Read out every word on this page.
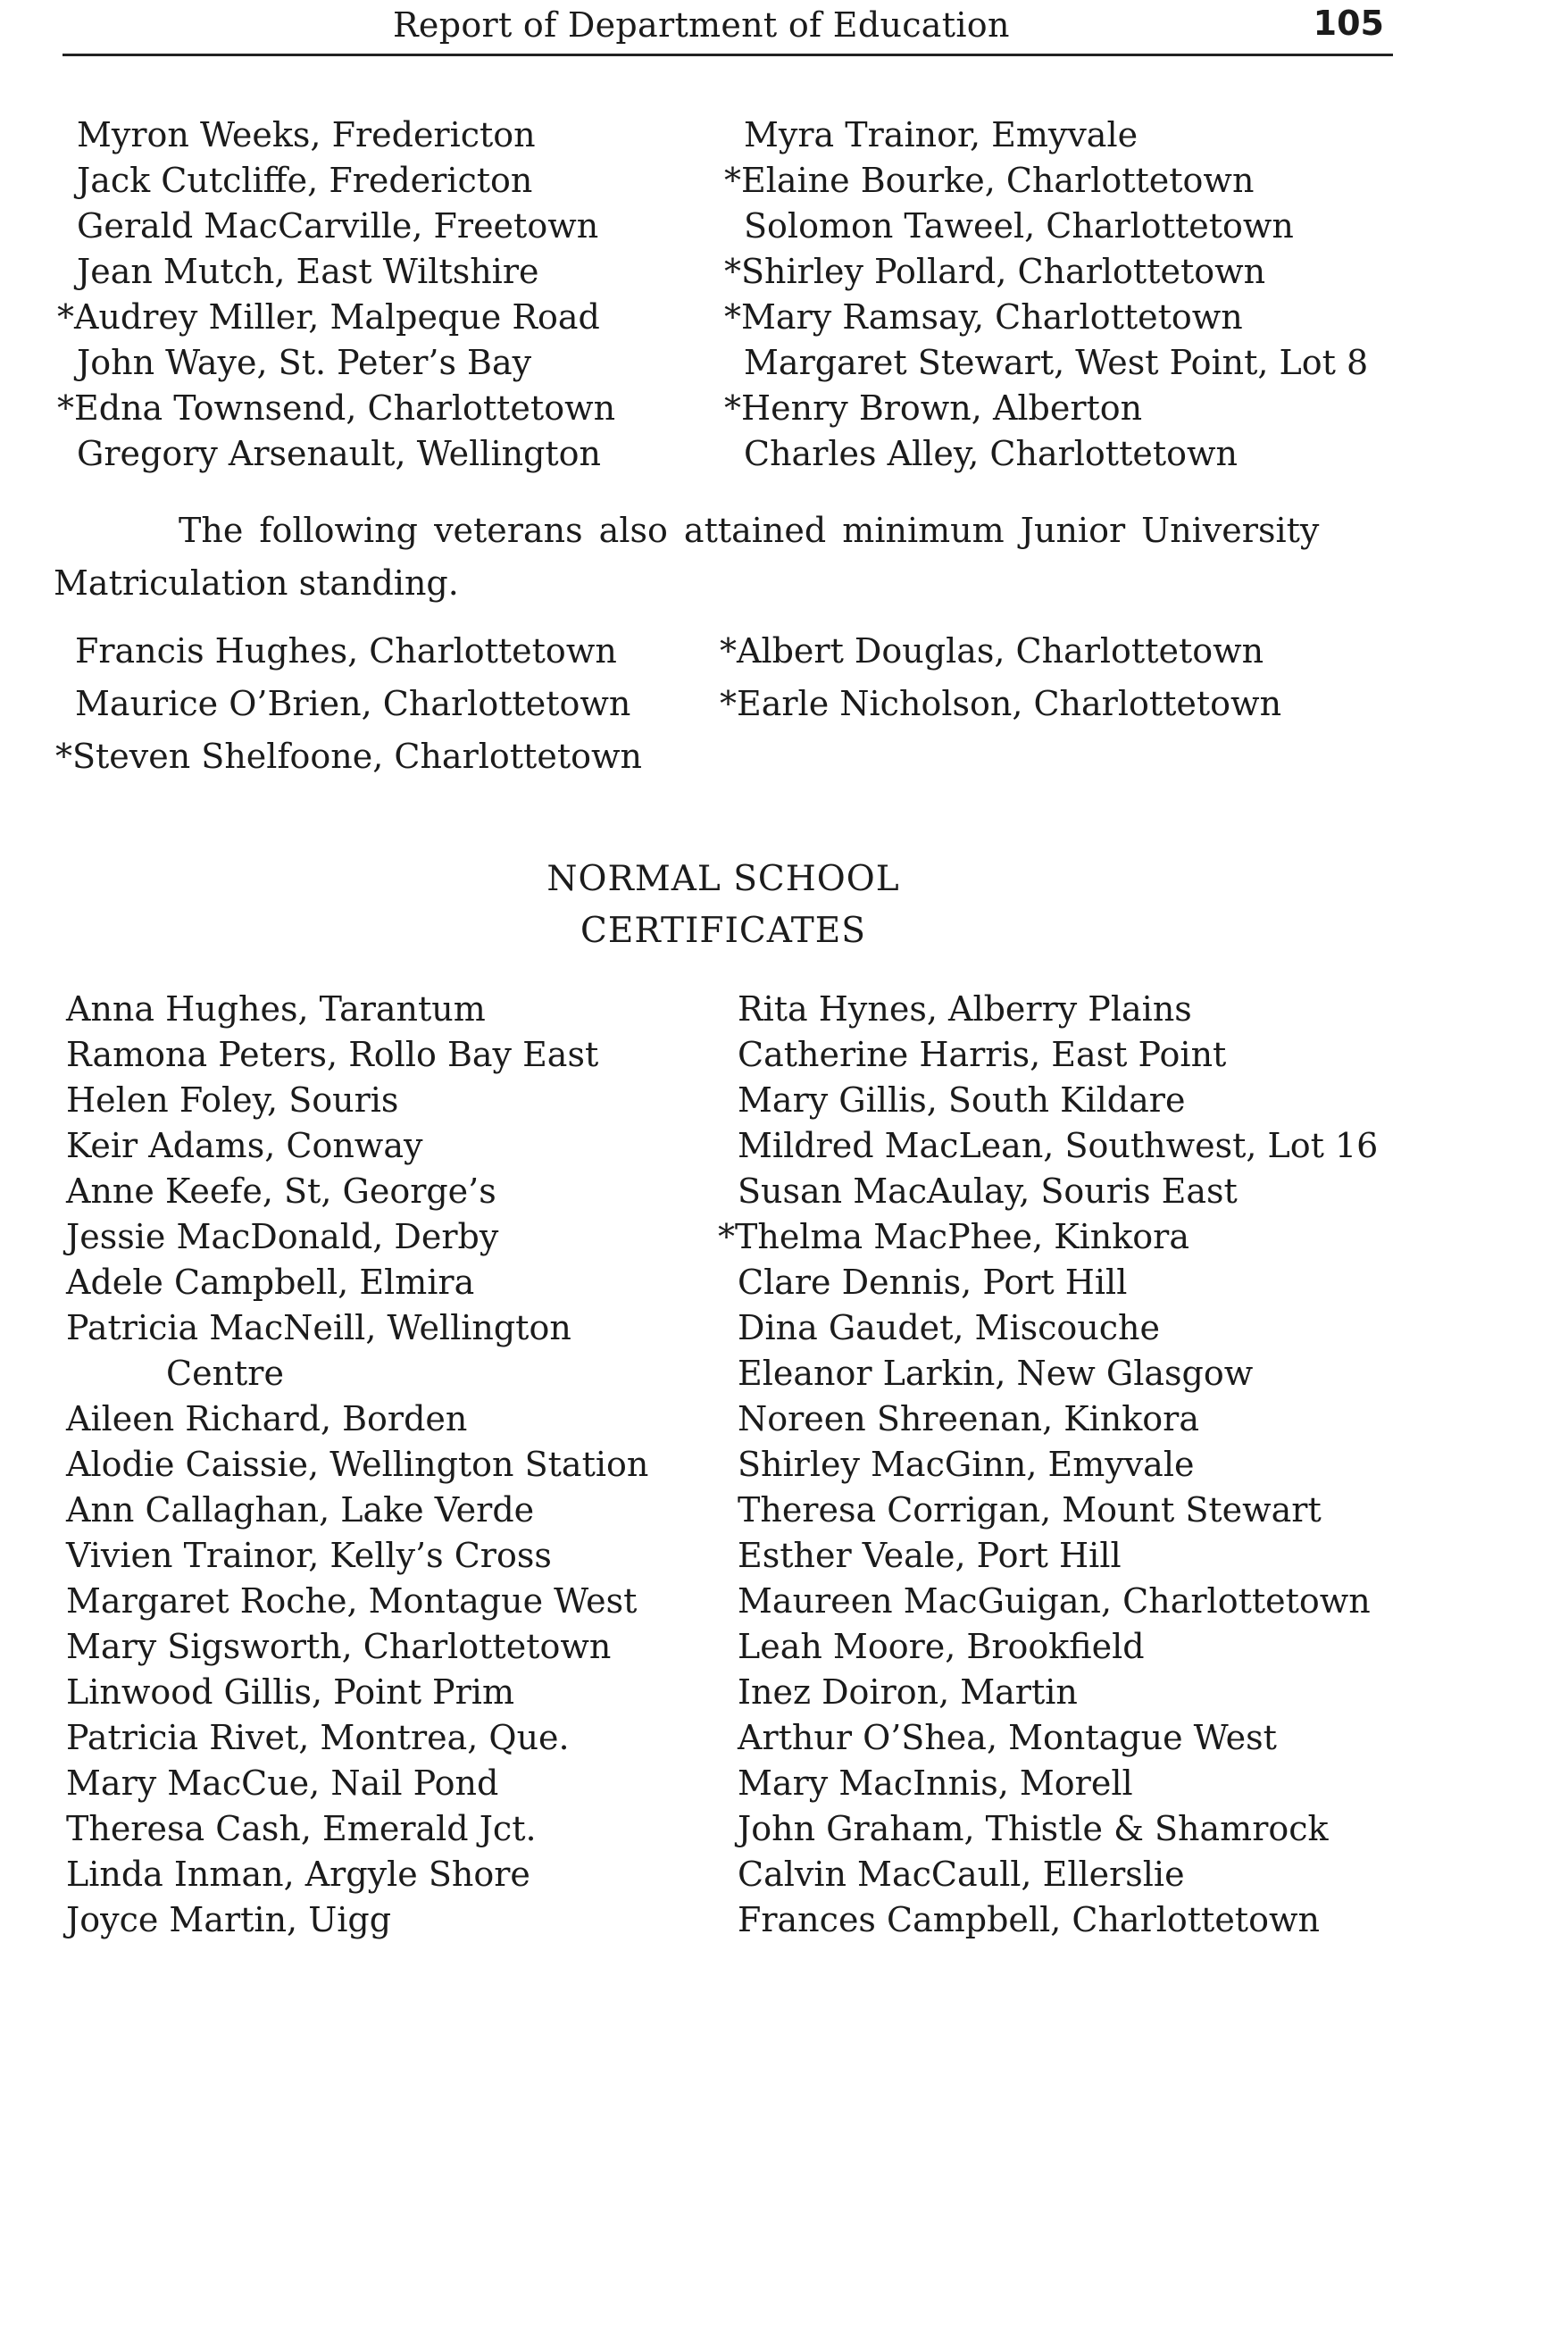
Report of Department of Education	105
Myron Weeks, Fredericton
Jack Cutcliffe, Fredericton
Gerald MacCarville, Freetown
Jean Mutch, East Wiltshire
*Audrey Miller, Malpeque Road
John Waye, St. Peter’s Bay
*Edna Townsend, Charlottetown
Gregory Arsenault, Wellington
Myra Trainor, Emyvale
*Elaine Bourke, Charlottetown
Solomon Taweel, Charlottetown
*Shirley Pollard, Charlottetown
*Mary Ramsay, Charlottetown
Margaret Stewart, West Point, Lot 8
*Henry Brown, Alberton
Charles Alley, Charlottetown
The following veterans also attained minimum Junior University
Matriculation standing.
Francis Hughes, Charlottetown
Maurice O’Brien, Charlottetown
*Steven Shelfoone, Charlottetown
*Albert Douglas, Charlottetown
*Earle Nicholson, Charlottetown
NORMAL SCHOOL
CERTIFICATES
Anna Hughes, Tarantum
Ramona Peters, Rollo Bay East
Helen Foley, Souris
Keir Adams, Conway
Anne Keefe, St, George’s
Jessie MacDonald, Derby
Adele Campbell, Elmira
Patricia MacNeill, Wellington
Centre
Aileen Richard, Borden
Alodie Caissie, Wellington Station
Ann Callaghan, Lake Verde
Vivien Trainor, Kelly’s Cross
Margaret Roche, Montague West
Mary Sigsworth, Charlottetown
Linwood Gillis, Point Prim
Patricia Rivet, Montrea, Que.
Mary MacCue, Nail Pond
Theresa Cash, Emerald Jct.
Linda Inman, Argyle Shore
Joyce Martin, Uigg
Rita Hynes, Alberry Plains
Catherine Harris, East Point
Mary Gillis, South Kildare
Mildred MacLean, Southwest, Lot 16
Susan MacAulay, Souris East
*Thelma MacPhee, Kinkora
Clare Dennis, Port Hill
Dina Gaudet, Miscouche
Eleanor Larkin, New Glasgow
Noreen Shreenan, Kinkora
Shirley MacGinn, Emyvale
Theresa Corrigan, Mount Stewart
Esther Veale, Port Hill
Maureen MacGuigan, Charlottetown
Leah Moore, Brookfield
Inez Doiron, Martin
Arthur O’Shea, Montague West
Mary MacInnis, Morell
John Graham, Thistle & Shamrock
Calvin MacCaull, Ellerslie
Frances Campbell, Charlottetown
